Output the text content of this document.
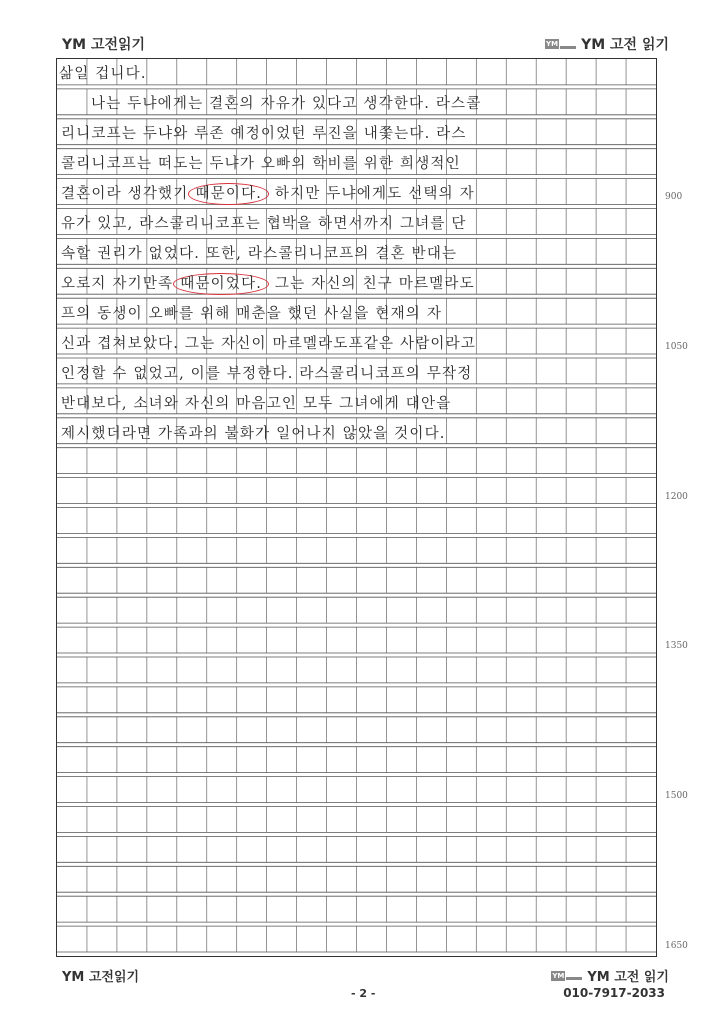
YM 고전읽기	YM YM 고전 읽기
삶일 겁니다.
나는 두냐에게는 결혼의 자유가 있다고 생각한다. 라스콜
리니코프는 두냐와 루존 예정이었던 루진을 내쫓는다. 라스
콜리니코프는 떠도는 두냐가 오빠의 학비를 위한 희생적인
결혼이라 생각했기 때문이다. 하지만 두냐에게도 선택의 자
유가 있고, 라스콜리니코프는 협박을 하면서까지 그녀를 단
속할 권리가 없었다. 또한, 라스콜리니코프의 결혼 반대는
오로지 자기만족 때문이었다. 그는 자신의 친구 마르멜라도
프의 동생이 오빠를 위해 매춘을 했던 사실을 현재의 자
신과 겹쳐보았다. 그는 자신이 마르멜라도프같은 사람이라고
인정할 수 없었고, 이를 부정한다. 라스콜리니코프의 무작정
반대보다, 소녀와 자신의 마음고인 모두 그녀에게 대안을
제시했더라면 가족과의 불화가 일어나지 않았을 것이다.
900
1050
1200
1350
1500
1650
YM 고전읽기
- 2 -
YM YM 고전 읽기
010-7917-2033
